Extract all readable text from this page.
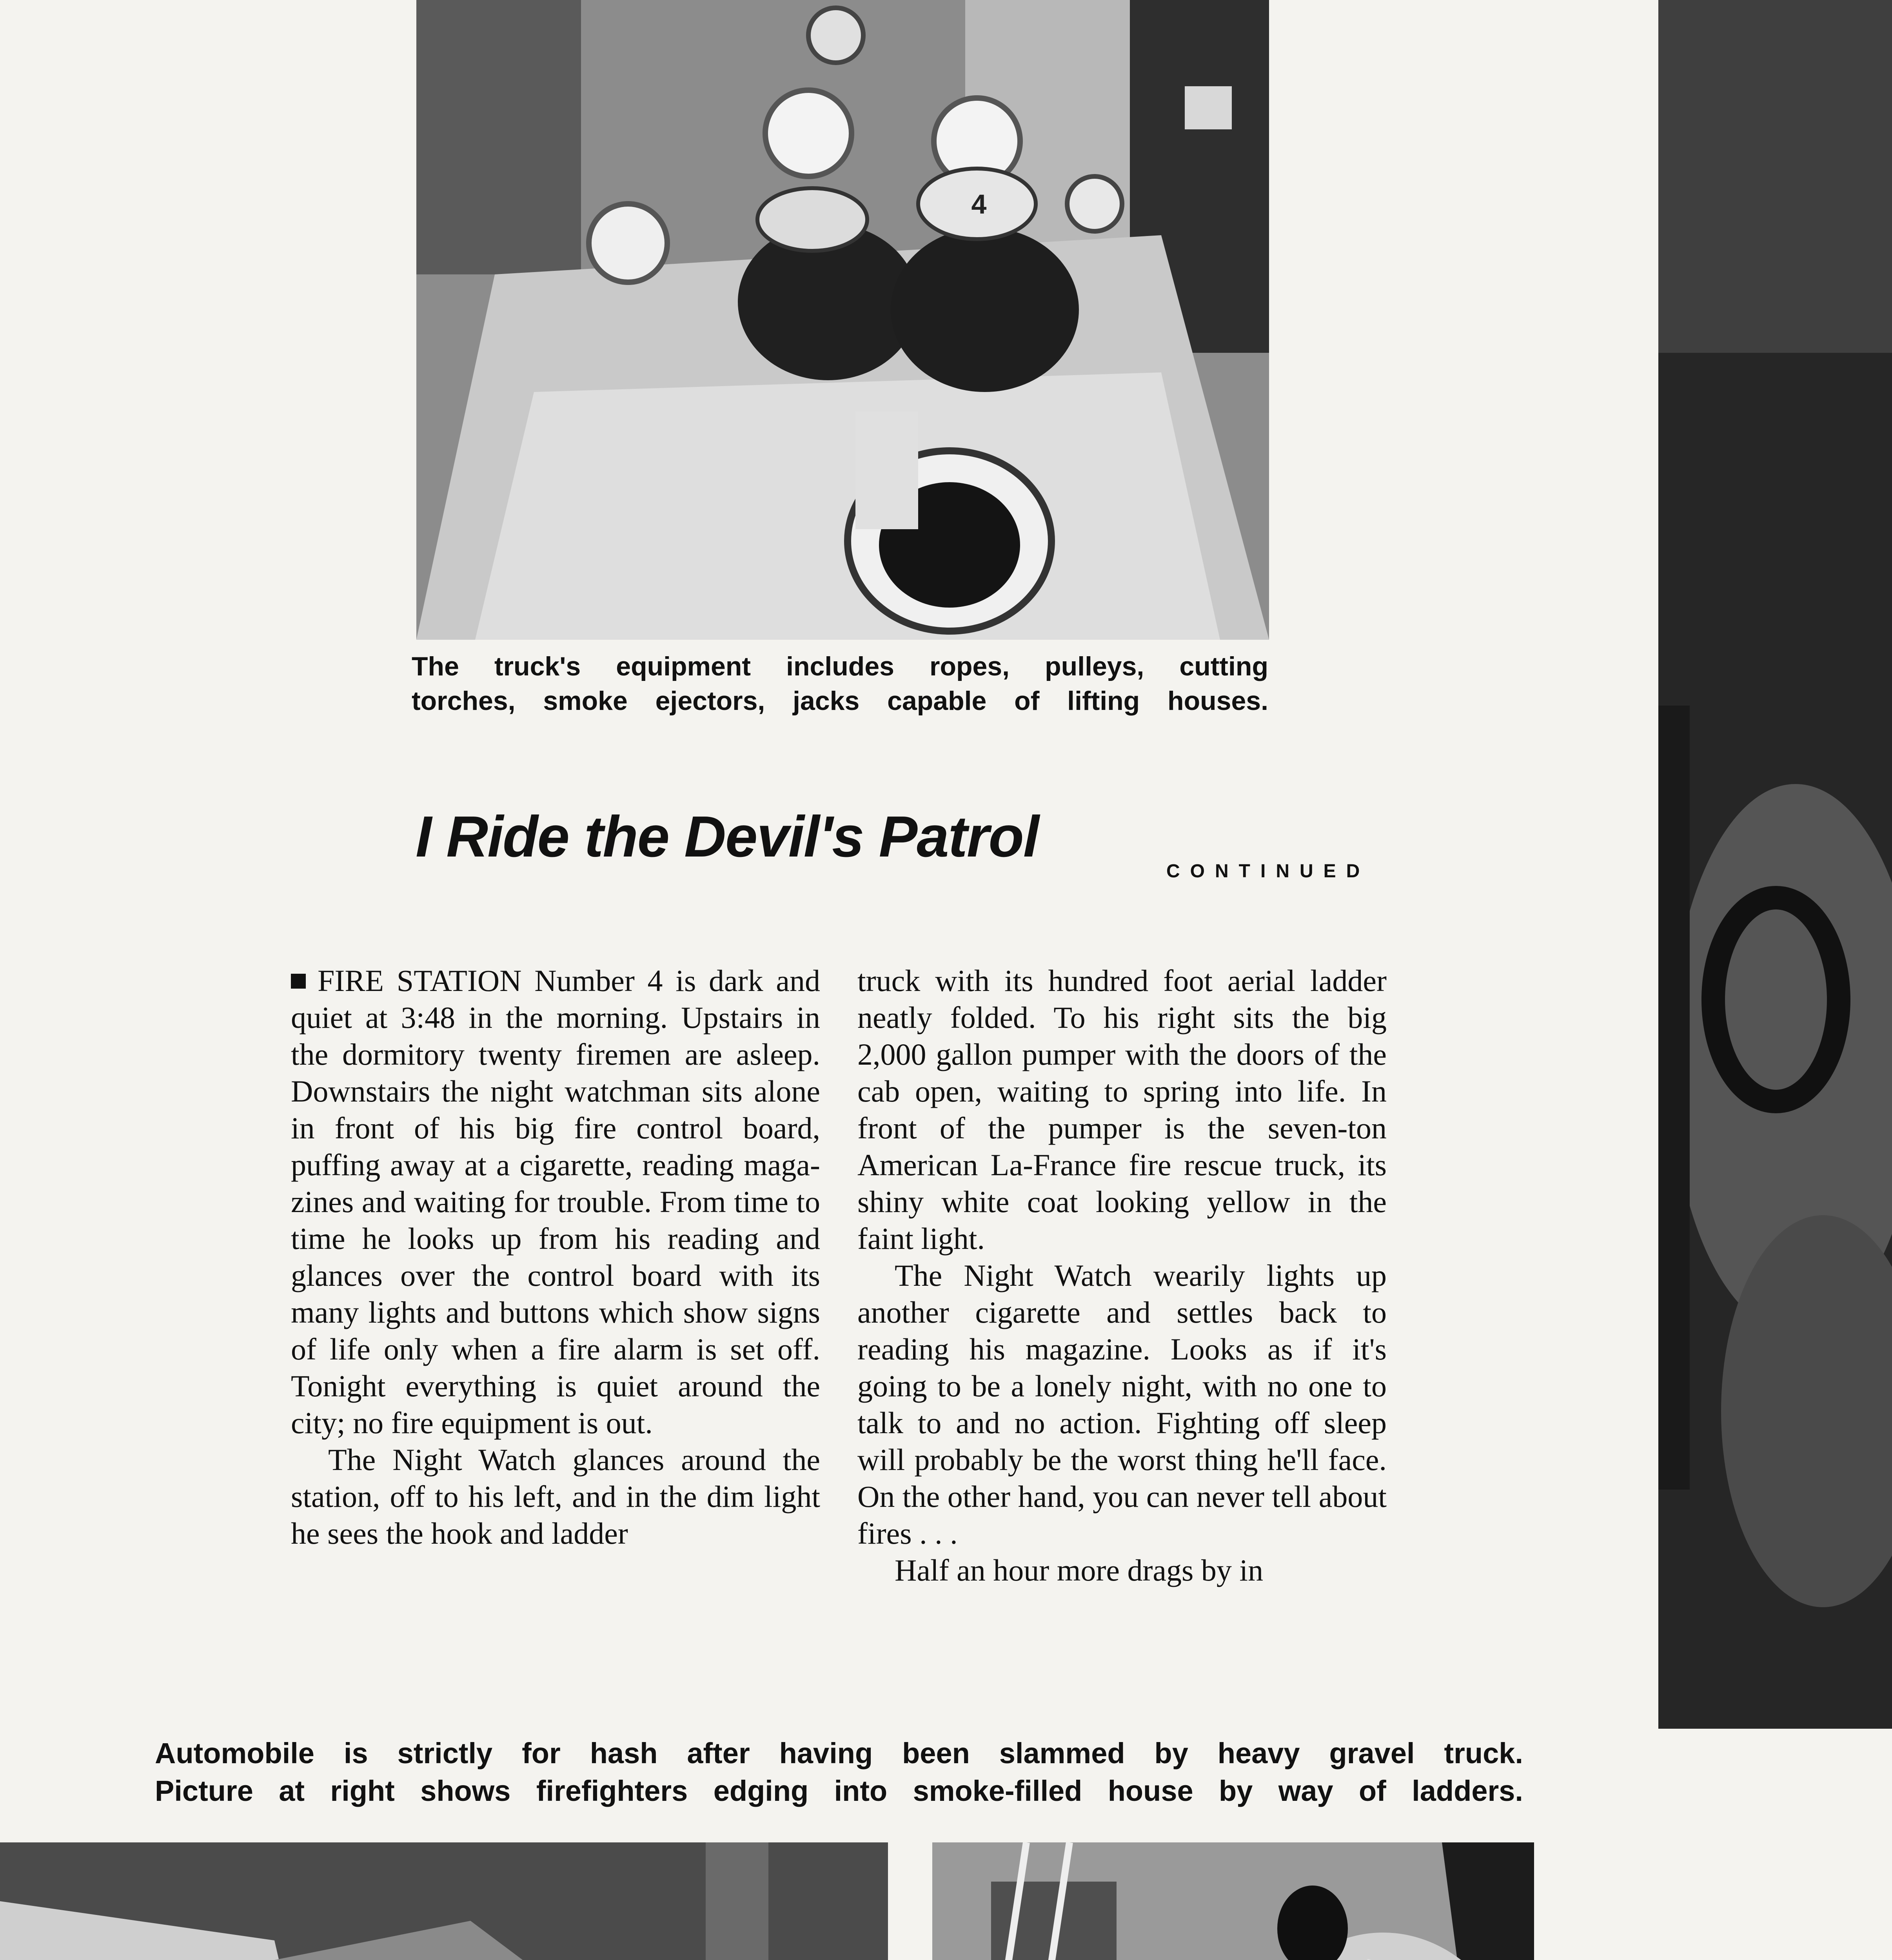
4
The truck's equipment includes ropes, pulleys, cutting
torches, smoke ejectors, jacks capable of lifting houses.
I Ride the Devil's Patrol
CONTINUED

FIRE STATION Number 4 is dark and quiet at 3:48 in the morning. Upstairs in the dormitory twenty firemen are asleep. Downstairs the night watchman sits alone in front of his big fire control board, puffing away at a cigarette, reading magazines and waiting for trouble. From time to time he looks up from his reading and glances over the control board with its many lights and buttons which show signs of life only when a fire alarm is set off. Tonight everything is quiet around the city; no fire equipment is out.

The Night Watch glances around the station, off to his left, and in the dim light he sees the hook and ladder

truck with its hundred foot aerial ladder neatly folded. To his right sits the big 2,000 gallon pumper with the doors of the cab open, waiting to spring into life. In front of the pumper is the seven-ton American La-France fire rescue truck, its shiny white coat looking yellow in the faint light.

The Night Watch wearily lights up another cigarette and settles back to reading his magazine. Looks as if it's going to be a lonely night, with no one to talk to and no action. Fighting off sleep will probably be the worst thing he'll face. On the other hand, you can never tell about fires . . .

Half an hour more drags by in

Automobile is strictly for hash after having been slammed by heavy gravel truck.
Picture at right shows firefighters edging into smoke-filled house by way of ladders.
